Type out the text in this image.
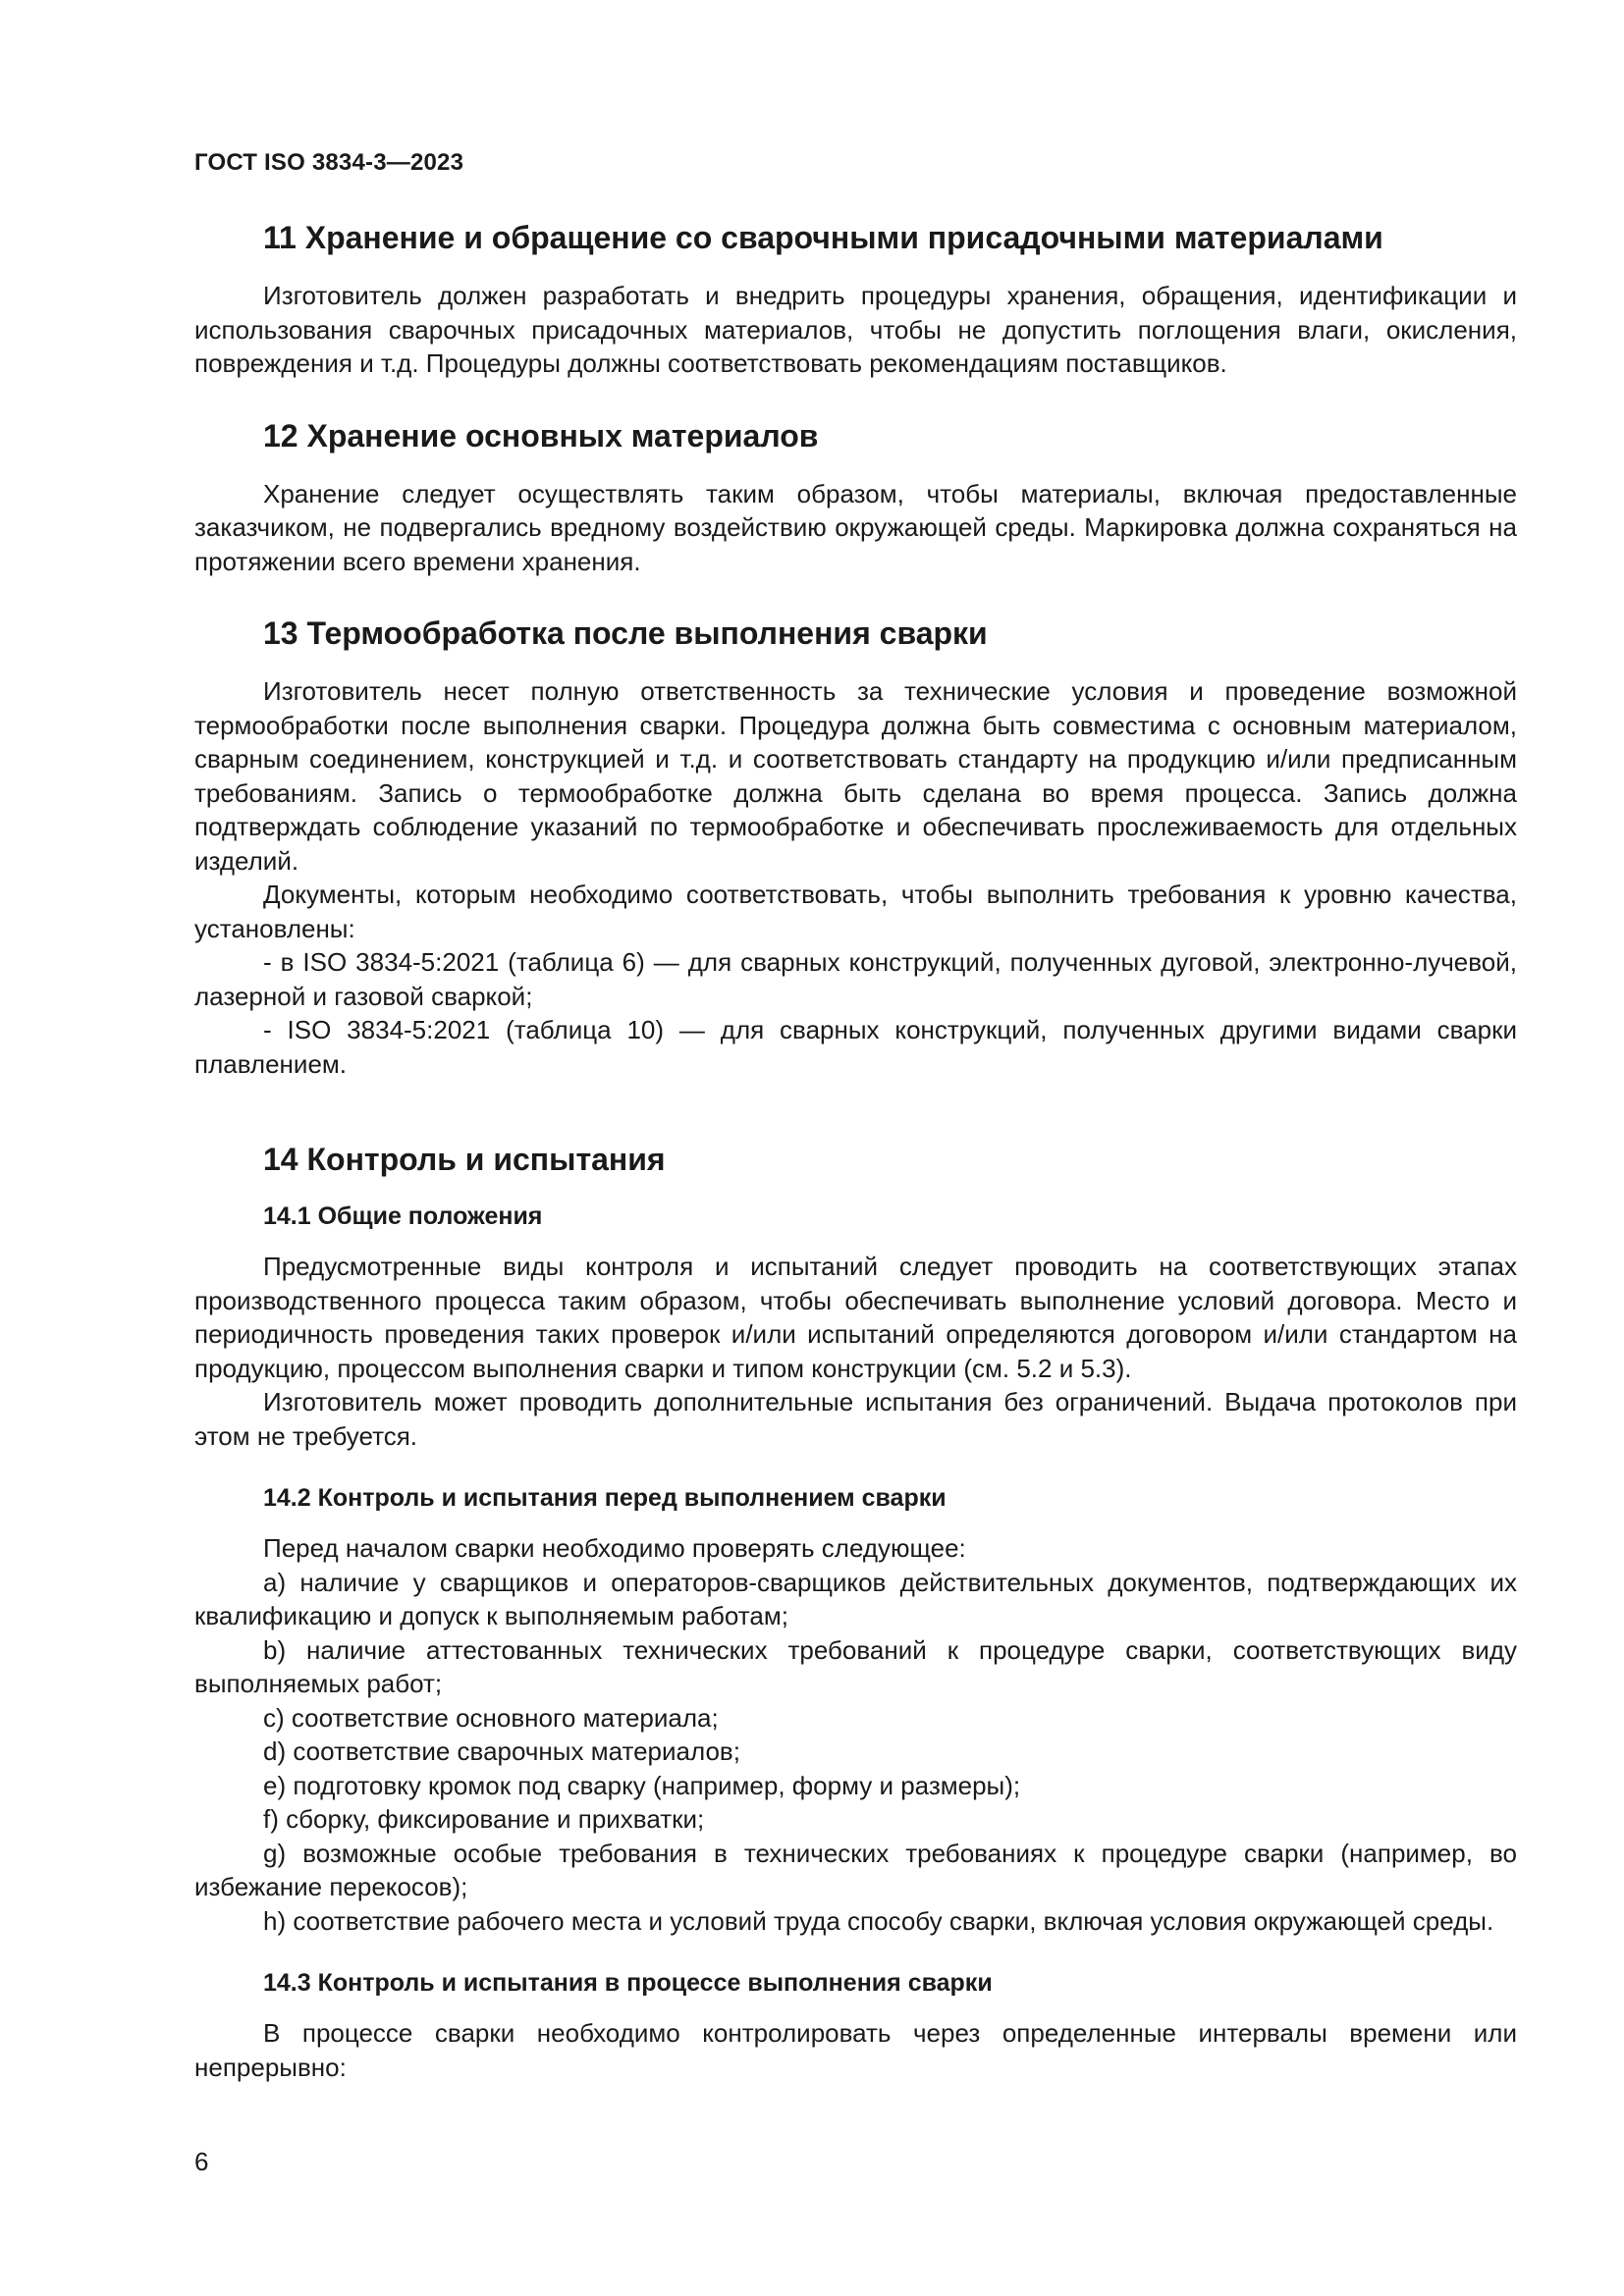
ГОСТ ISO 3834-3—2023
11 Хранение и обращение со сварочными присадочными материалами

Изготовитель должен разработать и внедрить процедуры хранения, обращения, идентификации и использования сварочных присадочных материалов, чтобы не допустить поглощения влаги, окисления, повреждения и т.д. Процедуры должны соответствовать рекомендациям поставщиков.

12 Хранение основных материалов

Хранение следует осуществлять таким образом, чтобы материалы, включая предоставленные заказчиком, не подвергались вредному воздействию окружающей среды. Маркировка должна сохраняться на протяжении всего времени хранения.

13 Термообработка после выполнения сварки

Изготовитель несет полную ответственность за технические условия и проведение возможной термообработки после выполнения сварки. Процедура должна быть совместима с основным материалом, сварным соединением, конструкцией и т.д. и соответствовать стандарту на продукцию и/или предписанным требованиям. Запись о термообработке должна быть сделана во время процесса. Запись должна подтверждать соблюдение указаний по термообработке и обеспечивать прослеживаемость для отдельных изделий.

Документы, которым необходимо соответствовать, чтобы выполнить требования к уровню качества, установлены:

- в ISO 3834-5:2021 (таблица 6) — для сварных конструкций, полученных дуговой, электронно-лучевой, лазерной и газовой сваркой;

- ISO 3834-5:2021 (таблица 10) — для сварных конструкций, полученных другими видами сварки плавлением.

14 Контроль и испытания
14.1 Общие положения

Предусмотренные виды контроля и испытаний следует проводить на соответствующих этапах производственного процесса таким образом, чтобы обеспечивать выполнение условий договора. Место и периодичность проведения таких проверок и/или испытаний определяются договором и/или стандартом на продукцию, процессом выполнения сварки и типом конструкции (см. 5.2 и 5.3).

Изготовитель может проводить дополнительные испытания без ограничений. Выдача протоколов при этом не требуется.

14.2 Контроль и испытания перед выполнением сварки

Перед началом сварки необходимо проверять следующее:

a) наличие у сварщиков и операторов-сварщиков действительных документов, подтверждающих их квалификацию и допуск к выполняемым работам;

b) наличие аттестованных технических требований к процедуре сварки, соответствующих виду выполняемых работ;

c) соответствие основного материала;

d) соответствие сварочных материалов;

e) подготовку кромок под сварку (например, форму и размеры);

f) сборку, фиксирование и прихватки;

g) возможные особые требования в технических требованиях к процедуре сварки (например, во избежание перекосов);

h) соответствие рабочего места и условий труда способу сварки, включая условия окружающей среды.

14.3 Контроль и испытания в процессе выполнения сварки

В процессе сварки необходимо контролировать через определенные интервалы времени или непрерывно:

6
